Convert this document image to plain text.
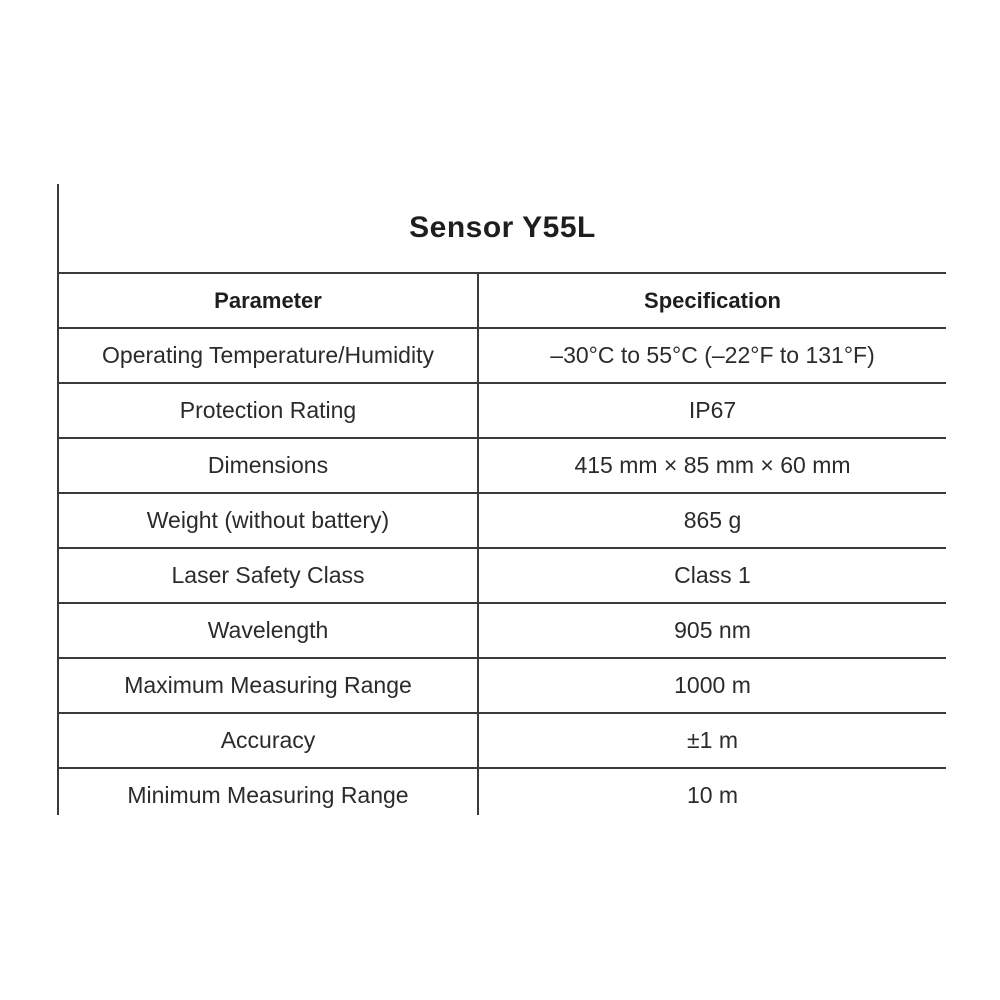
Sensor Y55L	
Parameter	Specification
Operating Temperature/Humidity	–30°C to 55°C (–22°F to 131°F)
Protection Rating	IP67
Dimensions	415 mm × 85 mm × 60 mm
Weight (without battery)	865 g
Laser Safety Class	Class 1
Wavelength	905 nm
Maximum Measuring Range	1000 m
Accuracy	±1 m
Minimum Measuring Range	10 m
